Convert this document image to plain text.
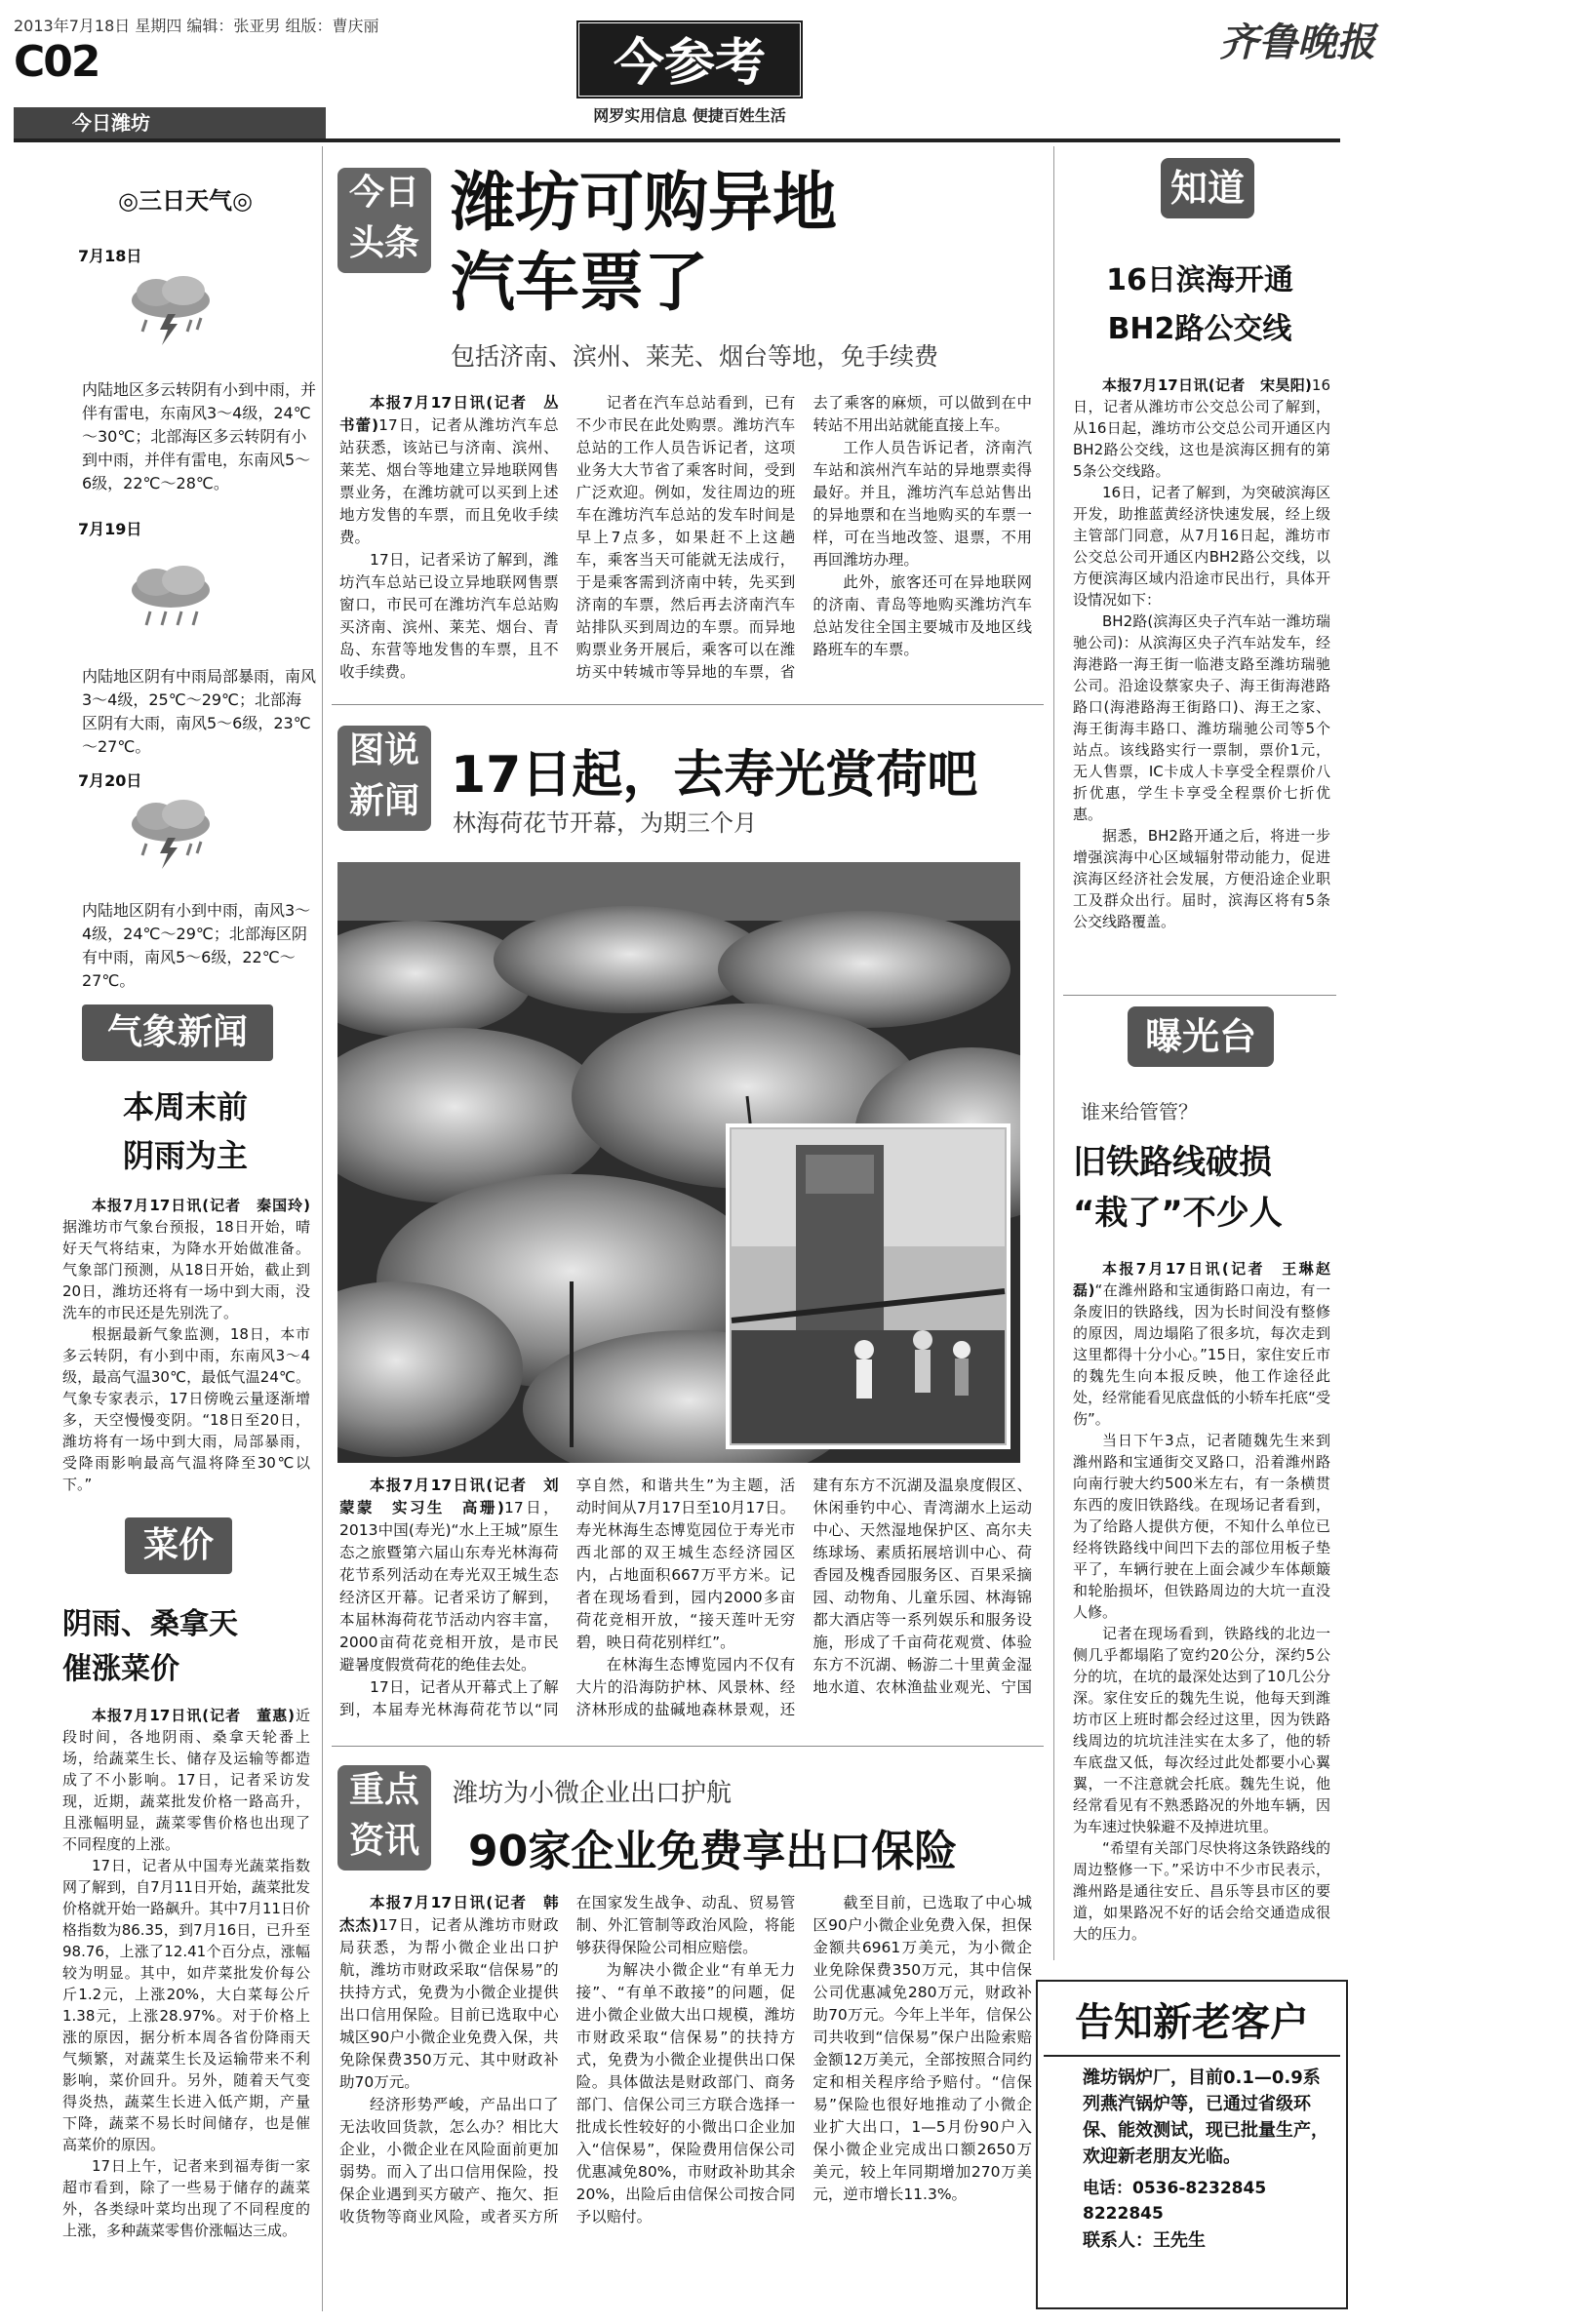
2013年7月18日 星期四 编辑：张亚男 组版：曹庆丽
C02
今日潍坊
今参考
网罗实用信息 便捷百姓生活
齐鲁晚报
◎三日天气◎
7月18日
内陆地区多云转阴有小到中雨，并伴有雷电，东南风3～4级，24℃～30℃；北部海区多云转阴有小到中雨，并伴有雷电，东南风5～6级，22℃～28℃。
7月19日
内陆地区阴有中雨局部暴雨，南风3～4级，25℃～29℃；北部海区阴有大雨，南风5～6级，23℃～27℃。
7月20日
内陆地区阴有小到中雨，南风3～4级，24℃～29℃；北部海区阴有中雨，南风5～6级，22℃～27℃。
气象新闻
本周末前
阴雨为主

本报7月17日讯(记者　秦国玲)据潍坊市气象台预报，18日开始，晴好天气将结束，为降水开始做准备。气象部门预测，从18日开始，截止到20日，潍坊还将有一场中到大雨，没洗车的市民还是先别洗了。

根据最新气象监测，18日，本市多云转阴，有小到中雨，东南风3～4级，最高气温30℃，最低气温24℃。气象专家表示，17日傍晚云量逐渐增多，天空慢慢变阴。“18日至20日，潍坊将有一场中到大雨，局部暴雨，受降雨影响最高气温将降至30℃以下。”

菜价
阴雨、桑拿天
催涨菜价

本报7月17日讯(记者　董惠)近段时间，各地阴雨、桑拿天轮番上场，给蔬菜生长、储存及运输等都造成了不小影响。17日，记者采访发现，近期，蔬菜批发价格一路高升，且涨幅明显，蔬菜零售价格也出现了不同程度的上涨。

17日，记者从中国寿光蔬菜指数网了解到，自7月11日开始，蔬菜批发价格就开始一路飙升。其中7月11日价格指数为86.35，到7月16日，已升至98.76，上涨了12.41个百分点，涨幅较为明显。其中，如芹菜批发价每公斤1.2元，上涨20%，大白菜每公斤1.38元，上涨28.97%。对于价格上涨的原因，据分析本周各省份降雨天气频繁，对蔬菜生长及运输带来不利影响，菜价回升。另外，随着天气变得炎热，蔬菜生长进入低产期，产量下降，蔬菜不易长时间储存，也是催高菜价的原因。

17日上午，记者来到福寿街一家超市看到，除了一些易于储存的蔬菜外，各类绿叶菜均出现了不同程度的上涨，多种蔬菜零售价涨幅达三成。

今日
头条
潍坊可购异地
汽车票了
包括济南、滨州、莱芜、烟台等地，免手续费

本报7月17日讯(记者　丛书蕾)17日，记者从潍坊汽车总站获悉，该站已与济南、滨州、莱芜、烟台等地建立异地联网售票业务，在潍坊就可以买到上述地方发售的车票，而且免收手续费。

17日，记者采访了解到，潍坊汽车总站已设立异地联网售票窗口，市民可在潍坊汽车总站购买济南、滨州、莱芜、烟台、青岛、东营等地发售的车票，且不收手续费。

记者在汽车总站看到，已有不少市民在此处购票。潍坊汽车总站的工作人员告诉记者，这项业务大大节省了乘客时间，受到广泛欢迎。例如，发往周边的班车在潍坊汽车总站的发车时间是早上7点多，如果赶不上这趟车，乘客当天可能就无法成行，于是乘客需到济南中转，先买到济南的车票，然后再去济南汽车站排队买到周边的车票。而异地购票业务开展后，乘客可以在潍坊买中转城市等异地的车票，省去了乘客的麻烦，可以做到在中转站不用出站就能直接上车。

工作人员告诉记者，济南汽车站和滨州汽车站的异地票卖得最好。并且，潍坊汽车总站售出的异地票和在当地购买的车票一样，可在当地改签、退票，不用再回潍坊办理。

此外，旅客还可在异地联网的济南、青岛等地购买潍坊汽车总站发往全国主要城市及地区线路班车的车票。

图说
新闻 17日起，去寿光赏荷吧
林海荷花节开幕，为期三个月

本报7月17日讯(记者　刘蒙蒙　实习生　高珊)17日，2013中国(寿光)“水上王城”原生态之旅暨第六届山东寿光林海荷花节系列活动在寿光双王城生态经济区开幕。记者采访了解到，本届林海荷花节活动内容丰富，2000亩荷花竞相开放，是市民避暑度假赏荷花的绝佳去处。

17日，记者从开幕式上了解到，本届寿光林海荷花节以“同享自然，和谐共生”为主题，活动时间从7月17日至10月17日。寿光林海生态博览园位于寿光市西北部的双王城生态经济园区内，占地面积667万平方米。记者在现场看到，园内2000多亩荷花竞相开放，“接天莲叶无穷碧，映日荷花别样红”。

在林海生态博览园内不仅有大片的沿海防护林、风景林、经济林形成的盐碱地森林景观，还建有东方不沉湖及温泉度假区、休闲垂钓中心、青湾湖水上运动中心、天然湿地保护区、高尔夫练球场、素质拓展培训中心、荷香园及槐香园服务区、百果采摘园、动物角、儿童乐园、林海锦都大酒店等一系列娱乐和服务设施，形成了千亩荷花观赏、体验东方不沉湖、畅游二十里黄金湿地水道、农林渔盐业观光、宁国

重点
资讯
潍坊为小微企业出口护航
90家企业免费享出口保险

本报7月17日讯(记者　韩杰杰)17日，记者从潍坊市财政局获悉，为帮小微企业出口护航，潍坊市财政采取“信保易”的扶持方式，免费为小微企业提供出口信用保险。目前已选取中心城区90户小微企业免费入保，共免除保费350万元、其中财政补助70万元。

经济形势严峻，产品出口了无法收回货款，怎么办？相比大企业，小微企业在风险面前更加弱势。而入了出口信用保险，投保企业遇到买方破产、拖欠、拒收货物等商业风险，或者买方所在国家发生战争、动乱、贸易管制、外汇管制等政治风险，将能够获得保险公司相应赔偿。

为解决小微企业“有单无力接”、“有单不敢接”的问题，促进小微企业做大出口规模，潍坊市财政采取“信保易”的扶持方式，免费为小微企业提供出口保险。具体做法是财政部门、商务部门、信保公司三方联合选择一批成长性较好的小微出口企业加入“信保易”，保险费用信保公司优惠减免80%，市财政补助其余20%，出险后由信保公司按合同予以赔付。

截至目前，已选取了中心城区90户小微企业免费入保，担保金额共6961万美元，为小微企业免除保费350万元，其中信保公司优惠减免280万元，财政补助70万元。今年上半年，信保公司共收到“信保易”保户出险索赔金额12万美元，全部按照合同约定和相关程序给予赔付。“信保易”保险也很好地推动了小微企业扩大出口，1—5月份90户入保小微企业完成出口额2650万美元，较上年同期增加270万美元，逆市增长11.3%。

知道
16日滨海开通
BH2路公交线

本报7月17日讯(记者　宋昊阳)16日，记者从潍坊市公交总公司了解到，从16日起，潍坊市公交总公司开通区内BH2路公交线，这也是滨海区拥有的第5条公交线路。

16日，记者了解到，为突破滨海区开发，助推蓝黄经济快速发展，经上级主管部门同意，从7月16日起，潍坊市公交总公司开通区内BH2路公交线，以方便滨海区域内沿途市民出行，具体开设情况如下：

BH2路(滨海区央子汽车站一潍坊瑞驰公司)：从滨海区央子汽车站发车，经海港路一海王街一临港支路至潍坊瑞驰公司。沿途设蔡家央子、海王街海港路路口(海港路海王街路口)、海王之家、海王街海丰路口、潍坊瑞驰公司等5个站点。该线路实行一票制，票价1元，无人售票，IC卡成人卡享受全程票价八折优惠，学生卡享受全程票价七折优惠。

据悉，BH2路开通之后，将进一步增强滨海中心区域辐射带动能力，促进滨海区经济社会发展，方便沿途企业职工及群众出行。届时，滨海区将有5条公交线路覆盖。

曝光台
谁来给管管？
旧铁路线破损
“栽了”不少人

本报7月17日讯(记者　王琳赵磊)“在潍州路和宝通街路口南边，有一条废旧的铁路线，因为长时间没有整修的原因，周边塌陷了很多坑，每次走到这里都得十分小心。”15日，家住安丘市的魏先生向本报反映，他工作途径此处，经常能看见底盘低的小轿车托底“受伤”。

当日下午3点，记者随魏先生来到潍州路和宝通街交叉路口，沿着潍州路向南行驶大约500米左右，有一条横贯东西的废旧铁路线。在现场记者看到，为了给路人提供方便，不知什么单位已经将铁路线中间凹下去的部位用板子垫平了，车辆行驶在上面会减少车体颠簸和轮胎损坏，但铁路周边的大坑一直没人修。

记者在现场看到，铁路线的北边一侧几乎都塌陷了宽约20公分，深约5公分的坑，在坑的最深处达到了10几公分深。家住安丘的魏先生说，他每天到潍坊市区上班时都会经过这里，因为铁路线周边的坑坑洼洼实在太多了，他的轿车底盘又低，每次经过此处都要小心翼翼，一不注意就会托底。魏先生说，他经常看见有不熟悉路况的外地车辆，因为车速过快躲避不及掉进坑里。

“希望有关部门尽快将这条铁路线的周边整修一下。”采访中不少市民表示，潍州路是通往安丘、昌乐等县市区的要道，如果路况不好的话会给交通造成很大的压力。

告知新老客户
潍坊锅炉厂，目前0.1—0.9系列燕汽锅炉等，已通过省级环保、能效测试，现已批量生产，欢迎新老朋友光临。
电话：0536-8232845 8222845
联系人：王先生
